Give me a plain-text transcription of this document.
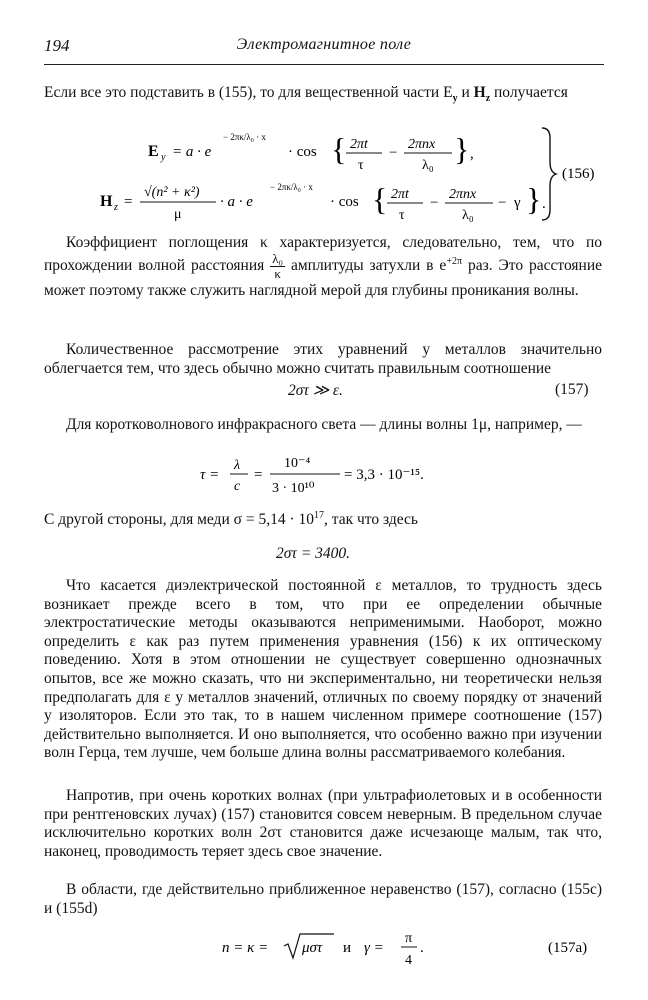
194	Электромагнитное поле
Если все это подставить в (155), то для вещественной части $E_y$ и $H_z$ получается
E y = a · e
− 2πκ/λ₀ · x
· cos { 2πt
τ
−
2πnx
λ₀ } ,
H z =
√(n² + κ²)
μ
· a · e
− 2πκ/λ₀ · x
· cos { 2πt
τ
−
2πnx
λ₀
− γ } .
(156)
Коэффициент поглощения κ характеризуется, следовательно, тем, что по прохождении волной расстояния $\frac{\text{λ₀}}{\kappa}$ амплитуды затухли в $e^{+2\pi}$ раз. Это расстояние может поэтому также служить наглядной мерой для глубины проникания волны.
Количественное рассмотрение этих уравнений у металлов значительно облегчается тем, что здесь обычно можно считать правильным соотношение
2στ ≫ ε.	(157)
Для коротковолнового инфракрасного света — длины волны 1μ, например, —
τ =
λ
c
=
10⁻⁴
3 · 10¹⁰
= 3,3 · 10⁻¹⁵.
С другой стороны, для меди $\sigma = 5,14 \cdot 10^{17}$, так что здесь
2στ = 3400.
Что касается диэлектрической постоянной ε металлов, то трудность здесь возникает прежде всего в том, что при ее определении обычные электростатические методы оказываются неприменимыми. Наоборот, можно определить ε как раз путем применения уравнения (156) к их оптическому поведению. Хотя в этом отношении не существует совершенно однозначных опытов, все же можно сказать, что ни экспериментально, ни теоретически нельзя предполагать для ε у металлов значений, отличных по своему порядку от значений у изоляторов. Если это так, то в нашем численном примере соотношение (157) действительно выполняется. И оно выполняется, что особенно важно при изучении волн Герца, тем лучше, чем больше длина волны рассматриваемого колебания.
Напротив, при очень коротких волнах (при ультрафиолетовых и в особенности при рентгеновских лучах) (157) становится совсем неверным. В предельном случае исключительно коротких волн 2στ становится даже исчезающе малым, так что, наконец, проводимость теряет здесь свое значение.
В области, где действительно приближенное неравенство (157), согласно (155c) и (155d)
n = κ = μστ и γ =
π
4
.	(157a)
